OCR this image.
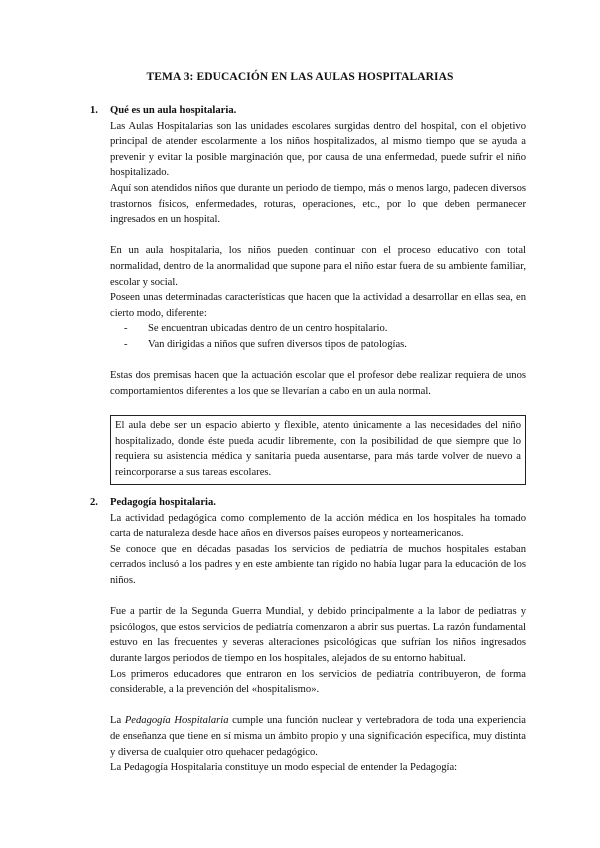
TEMA 3: EDUCACIÓN EN LAS AULAS HOSPITALARIAS
1.	Qué es un aula hospitalaria.

Las Aulas Hospitalarias son las unidades escolares surgidas dentro del hospital, con el objetivo principal de atender escolarmente a los niños hospitalizados, al mismo tiempo que se ayuda a prevenir y evitar la posible marginación que, por causa de una enfermedad, puede sufrir el niño hospitalizado.

Aquí son atendidos niños que durante un periodo de tiempo, más o menos largo, padecen diversos trastornos físicos, enfermedades, roturas, operaciones, etc., por lo que deben permanecer ingresados en un hospital.

En un aula hospitalaria, los niños pueden continuar con el proceso educativo con total normalidad, dentro de la anormalidad que supone para el niño estar fuera de su ambiente familiar, escolar y social.

Poseen unas determinadas características que hacen que la actividad a desarrollar en ellas sea, en cierto modo, diferente:

-	Se encuentran ubicadas dentro de un centro hospitalario.
-	Van dirigidas a niños que sufren diversos tipos de patologías.

Estas dos premisas hacen que la actuación escolar que el profesor debe realizar requiera de unos comportamientos diferentes a los que se llevarían a cabo en un aula normal.

El aula debe ser un espacio abierto y flexible, atento únicamente a las necesidades del niño hospitalizado, donde éste pueda acudir libremente, con la posibilidad de que siempre que lo requiera su asistencia médica y sanitaria pueda ausentarse, para más tarde volver de nuevo a reincorporarse a sus tareas escolares.
2.	Pedagogía hospitalaria.

La actividad pedagógica como complemento de la acción médica en los hospitales ha tomado carta de naturaleza desde hace años en diversos países europeos y norteamericanos.

Se conoce que en décadas pasadas los servicios de pediatría de muchos hospitales estaban cerrados inclusó a los padres y en este ambiente tan rígido no había lugar para la educación de los niños.

Fue a partir de la Segunda Guerra Mundial, y debido principalmente a la labor de pediatras y psicólogos, que estos servicios de pediatría comenzaron a abrir sus puertas. La razón fundamental estuvo en las frecuentes y severas alteraciones psicológicas que sufrían los niños ingresados durante largos periodos de tiempo en los hospitales, alejados de su entorno habitual.

Los primeros educadores que entraron en los servicios de pediatría contribuyeron, de forma considerable, a la prevención del «hospitalismo».

La Pedagogía Hospitalaria cumple una función nuclear y vertebradora de toda una experiencia de enseñanza que tiene en sí misma un ámbito propio y una significación específica, muy distinta y diversa de cualquier otro quehacer pedagógico.

La Pedagogía Hospitalaria constituye un modo especial de entender la Pedagogía:
